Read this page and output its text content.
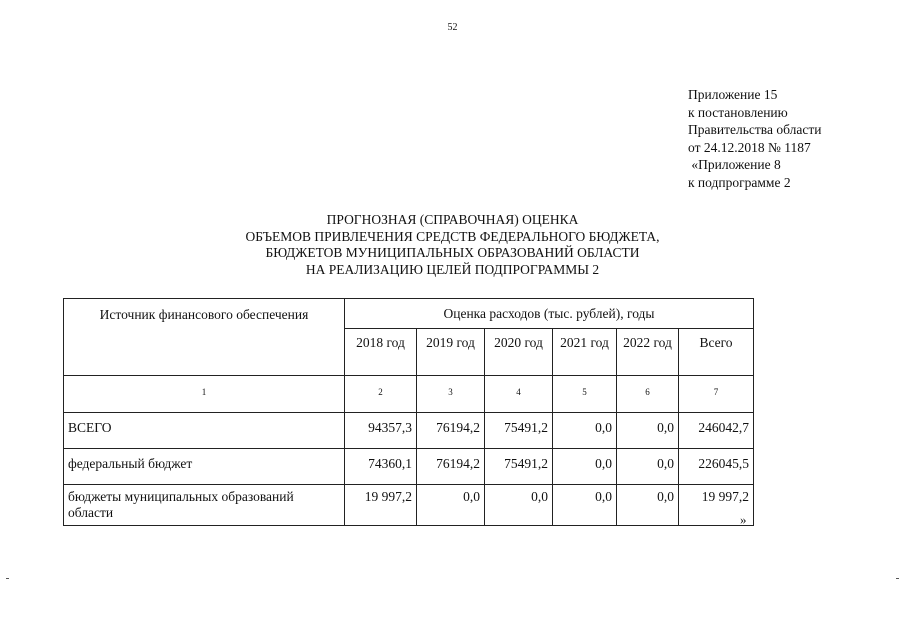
52
Приложение 15
к постановлению
Правительства области
от 24.12.2018 № 1187
«Приложение 8
к подпрограмме 2
ПРОГНОЗНАЯ (СПРАВОЧНАЯ) ОЦЕНКА
ОБЪЕМОВ ПРИВЛЕЧЕНИЯ СРЕДСТВ ФЕДЕРАЛЬНОГО БЮДЖЕТА,
БЮДЖЕТОВ МУНИЦИПАЛЬНЫХ ОБРАЗОВАНИЙ ОБЛАСТИ
НА РЕАЛИЗАЦИЮ ЦЕЛЕЙ ПОДПРОГРАММЫ 2
Источник финансового обеспечения	Оценка расходов (тыс. рублей), годы					
	2018 год	2019 год	2020 год	2021 год	2022 год	Всего
1	2	3	4	5	6	7
ВСЕГО	94357,3	76194,2	75491,2	0,0	0,0	246042,7
федеральный бюджет	74360,1	76194,2	75491,2	0,0	0,0	226045,5
бюджеты муниципальных образований области	19 997,2	0,0	0,0	0,0	0,0	19 997,2
»
